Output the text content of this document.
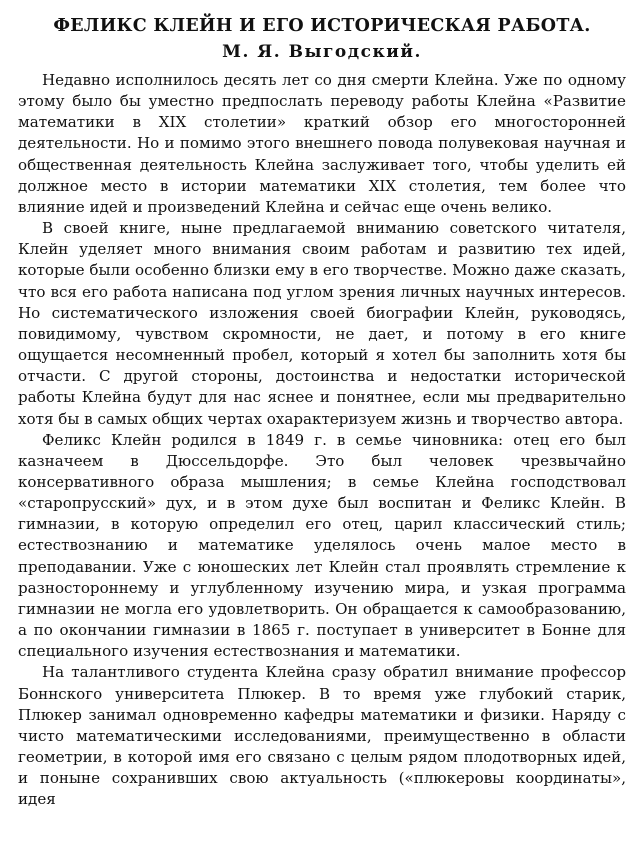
ФЕЛИКС КЛЕЙН И ЕГО ИСТОРИЧЕСКАЯ РАБОТА.
М. Я. Выгодский.

Недавно исполнилось десять лет со дня смерти Клейна. Уже по одному этому было бы уместно предпослать переводу работы Клейна «Развитие математики в XIX столетии» краткий обзор его многосторонней деятельности. Но и помимо этого внешнего повода полувековая научная и общественная деятельность Клейна заслуживает того, чтобы уделить ей должное место в истории математики XIX столетия, тем более что влияние идей и произведений Клейна и сейчас еще очень велико.

В своей книге, ныне предлагаемой вниманию советского читателя, Клейн уделяет много внимания своим работам и развитию тех идей, которые были особенно близки ему в его творчестве. Можно даже сказать, что вся его работа написана под углом зрения личных научных интересов. Но систематического изложения своей биографии Клейн, руководясь, повидимому, чувством скромности, не дает, и потому в его книге ощущается несомненный пробел, который я хотел бы заполнить хотя бы отчасти. С другой стороны, достоинства и недостатки исторической работы Клейна будут для нас яснее и понятнее, если мы предварительно хотя бы в самых общих чертах охарактеризуем жизнь и творчество автора.

Феликс Клейн родился в 1849 г. в семье чиновника: отец его был казначеем в Дюссельдорфе. Это был человек чрезвычайно консервативного образа мышления; в семье Клейна господствовал «старопрусский» дух, и в этом духе был воспитан и Феликс Клейн. В гимназии, в которую определил его отец, царил классический стиль; естествознанию и математике уделялось очень малое место в преподавании. Уже с юношеских лет Клейн стал проявлять стремление к разностороннему и углубленному изучению мира, и узкая программа гимназии не могла его удовлетворить. Он обращается к самообразованию, а по окончании гимназии в 1865 г. поступает в университет в Бонне для специального изучения естествознания и математики.

На талантливого студента Клейна сразу обратил внимание профессор Боннского университета Плюкер. В то время уже глубокий старик, Плюкер занимал одновременно кафедры математики и физики. Наряду с чисто математическими исследованиями, преимущественно в области геометрии, в которой имя его связано с целым рядом плодотворных идей, и поныне сохранивших свою актуальность («плюкеровы координаты», идея
